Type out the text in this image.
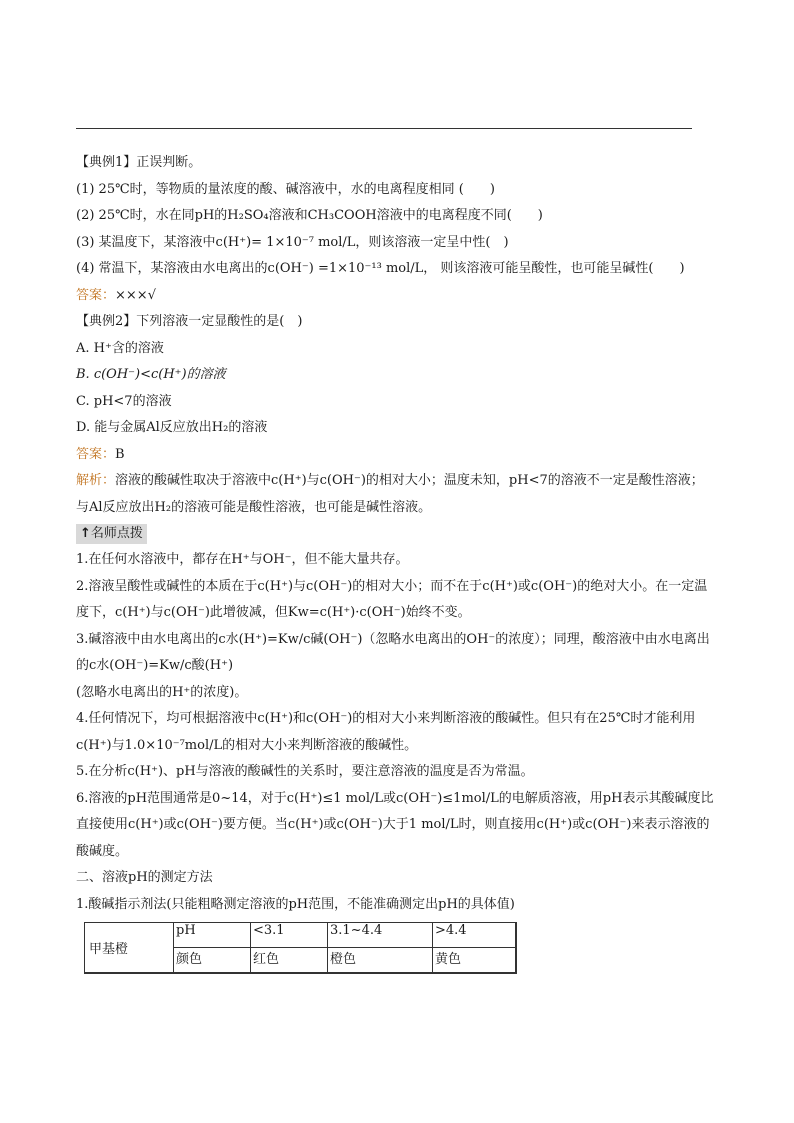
【典例1】正误判断。
(1) 25℃时，等物质的量浓度的酸、碱溶液中，水的电离程度相同 (　　)
(2) 25℃时，水在同pH的H₂SO₄溶液和CH₃COOH溶液中的电离程度不同(　　)
(3) 某温度下，某溶液中c(H⁺)= 1×10⁻⁷ mol/L，则该溶液一定呈中性(　)
(4) 常温下，某溶液由水电离出的c(OH⁻) =1×10⁻¹³ mol/L， 则该溶液可能呈酸性，也可能呈碱性(　　)
答案：×××√
【典例2】下列溶液一定显酸性的是(　)
A. H⁺含的溶液
B. c(OH⁻)<c(H⁺)的溶液
C. pH<7的溶液
D. 能与金属Al反应放出H₂的溶液
答案：B
解析：溶液的酸碱性取决于溶液中c(H⁺)与c(OH⁻)的相对大小；温度未知，pH<7的溶液不一定是酸性溶液；与Al反应放出H₂的溶液可能是酸性溶液，也可能是碱性溶液。
↑名师点拨
1.在任何水溶液中，都存在H⁺与OH⁻，但不能大量共存。
2.溶液呈酸性或碱性的本质在于c(H⁺)与c(OH⁻)的相对大小；而不在于c(H⁺)或c(OH⁻)的绝对大小。在一定温度下，c(H⁺)与c(OH⁻)此增彼减，但Kw=c(H⁺)·c(OH⁻)始终不变。
3.碱溶液中由水电离出的c水(H⁺)=Kw/c碱(OH⁻)（忽略水电离出的OH⁻的浓度）；同理，酸溶液中由水电离出的c水(OH⁻)=Kw/c酸(H⁺)
(忽略水电离出的H⁺的浓度)。
4.任何情况下，均可根据溶液中c(H⁺)和c(OH⁻)的相对大小来判断溶液的酸碱性。但只有在25℃时才能利用c(H⁺)与1.0×10⁻⁷mol/L的相对大小来判断溶液的酸碱性。
5.在分析c(H⁺)、pH与溶液的酸碱性的关系时，要注意溶液的温度是否为常温。
6.溶液的pH范围通常是0~14，对于c(H⁺)≤1 mol/L或c(OH⁻)≤1mol/L的电解质溶液，用pH表示其酸碱度比直接使用c(H⁺)或c(OH⁻)要方便。当c(H⁺)或c(OH⁻)大于1 mol/L时，则直接用c(H⁺)或c(OH⁻)来表示溶液的酸碱度。
二、溶液pH的测定方法
1.酸碱指示剂法(只能粗略测定溶液的pH范围，不能准确测定出pH的具体值)
甲基橙	pH	<3.1	3.1~4.4	>4.4
	颜色	红色	橙色	黄色
